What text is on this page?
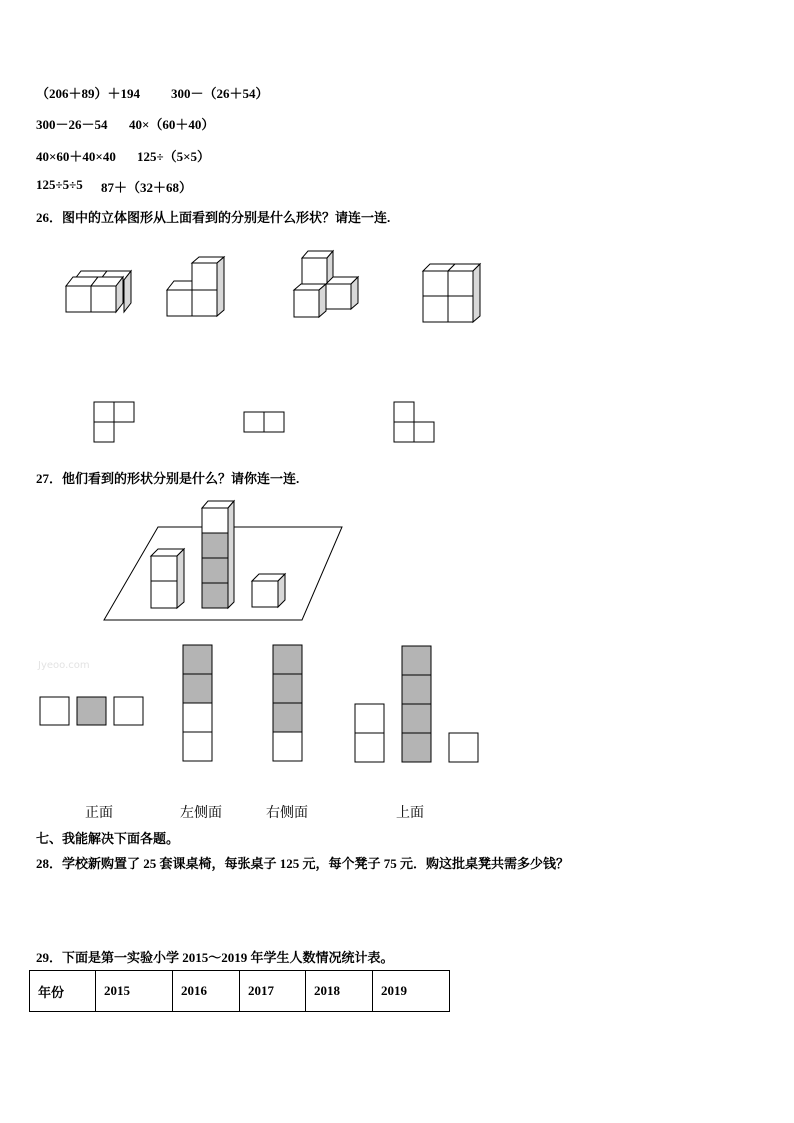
（206＋89）＋194 300－（26＋54）
300－26－54 40×（60＋40）
40×60＋40×40 125÷（5×5）
125÷5÷5 87＋（32＋68）
26．图中的立体图形从上面看到的分别是什么形状？请连一连.
27．他们看到的形状分别是什么？请你连一连.
Jyeoo.com
正面	左侧面	右侧面	上面
七、我能解决下面各题。
28．学校新购置了 25 套课桌椅，每张桌子 125 元，每个凳子 75 元．购这批桌凳共需多少钱？
29．下面是第一实验小学 2015～2019 年学生人数情况统计表。
年份	2015	2016	2017	2018	2019
